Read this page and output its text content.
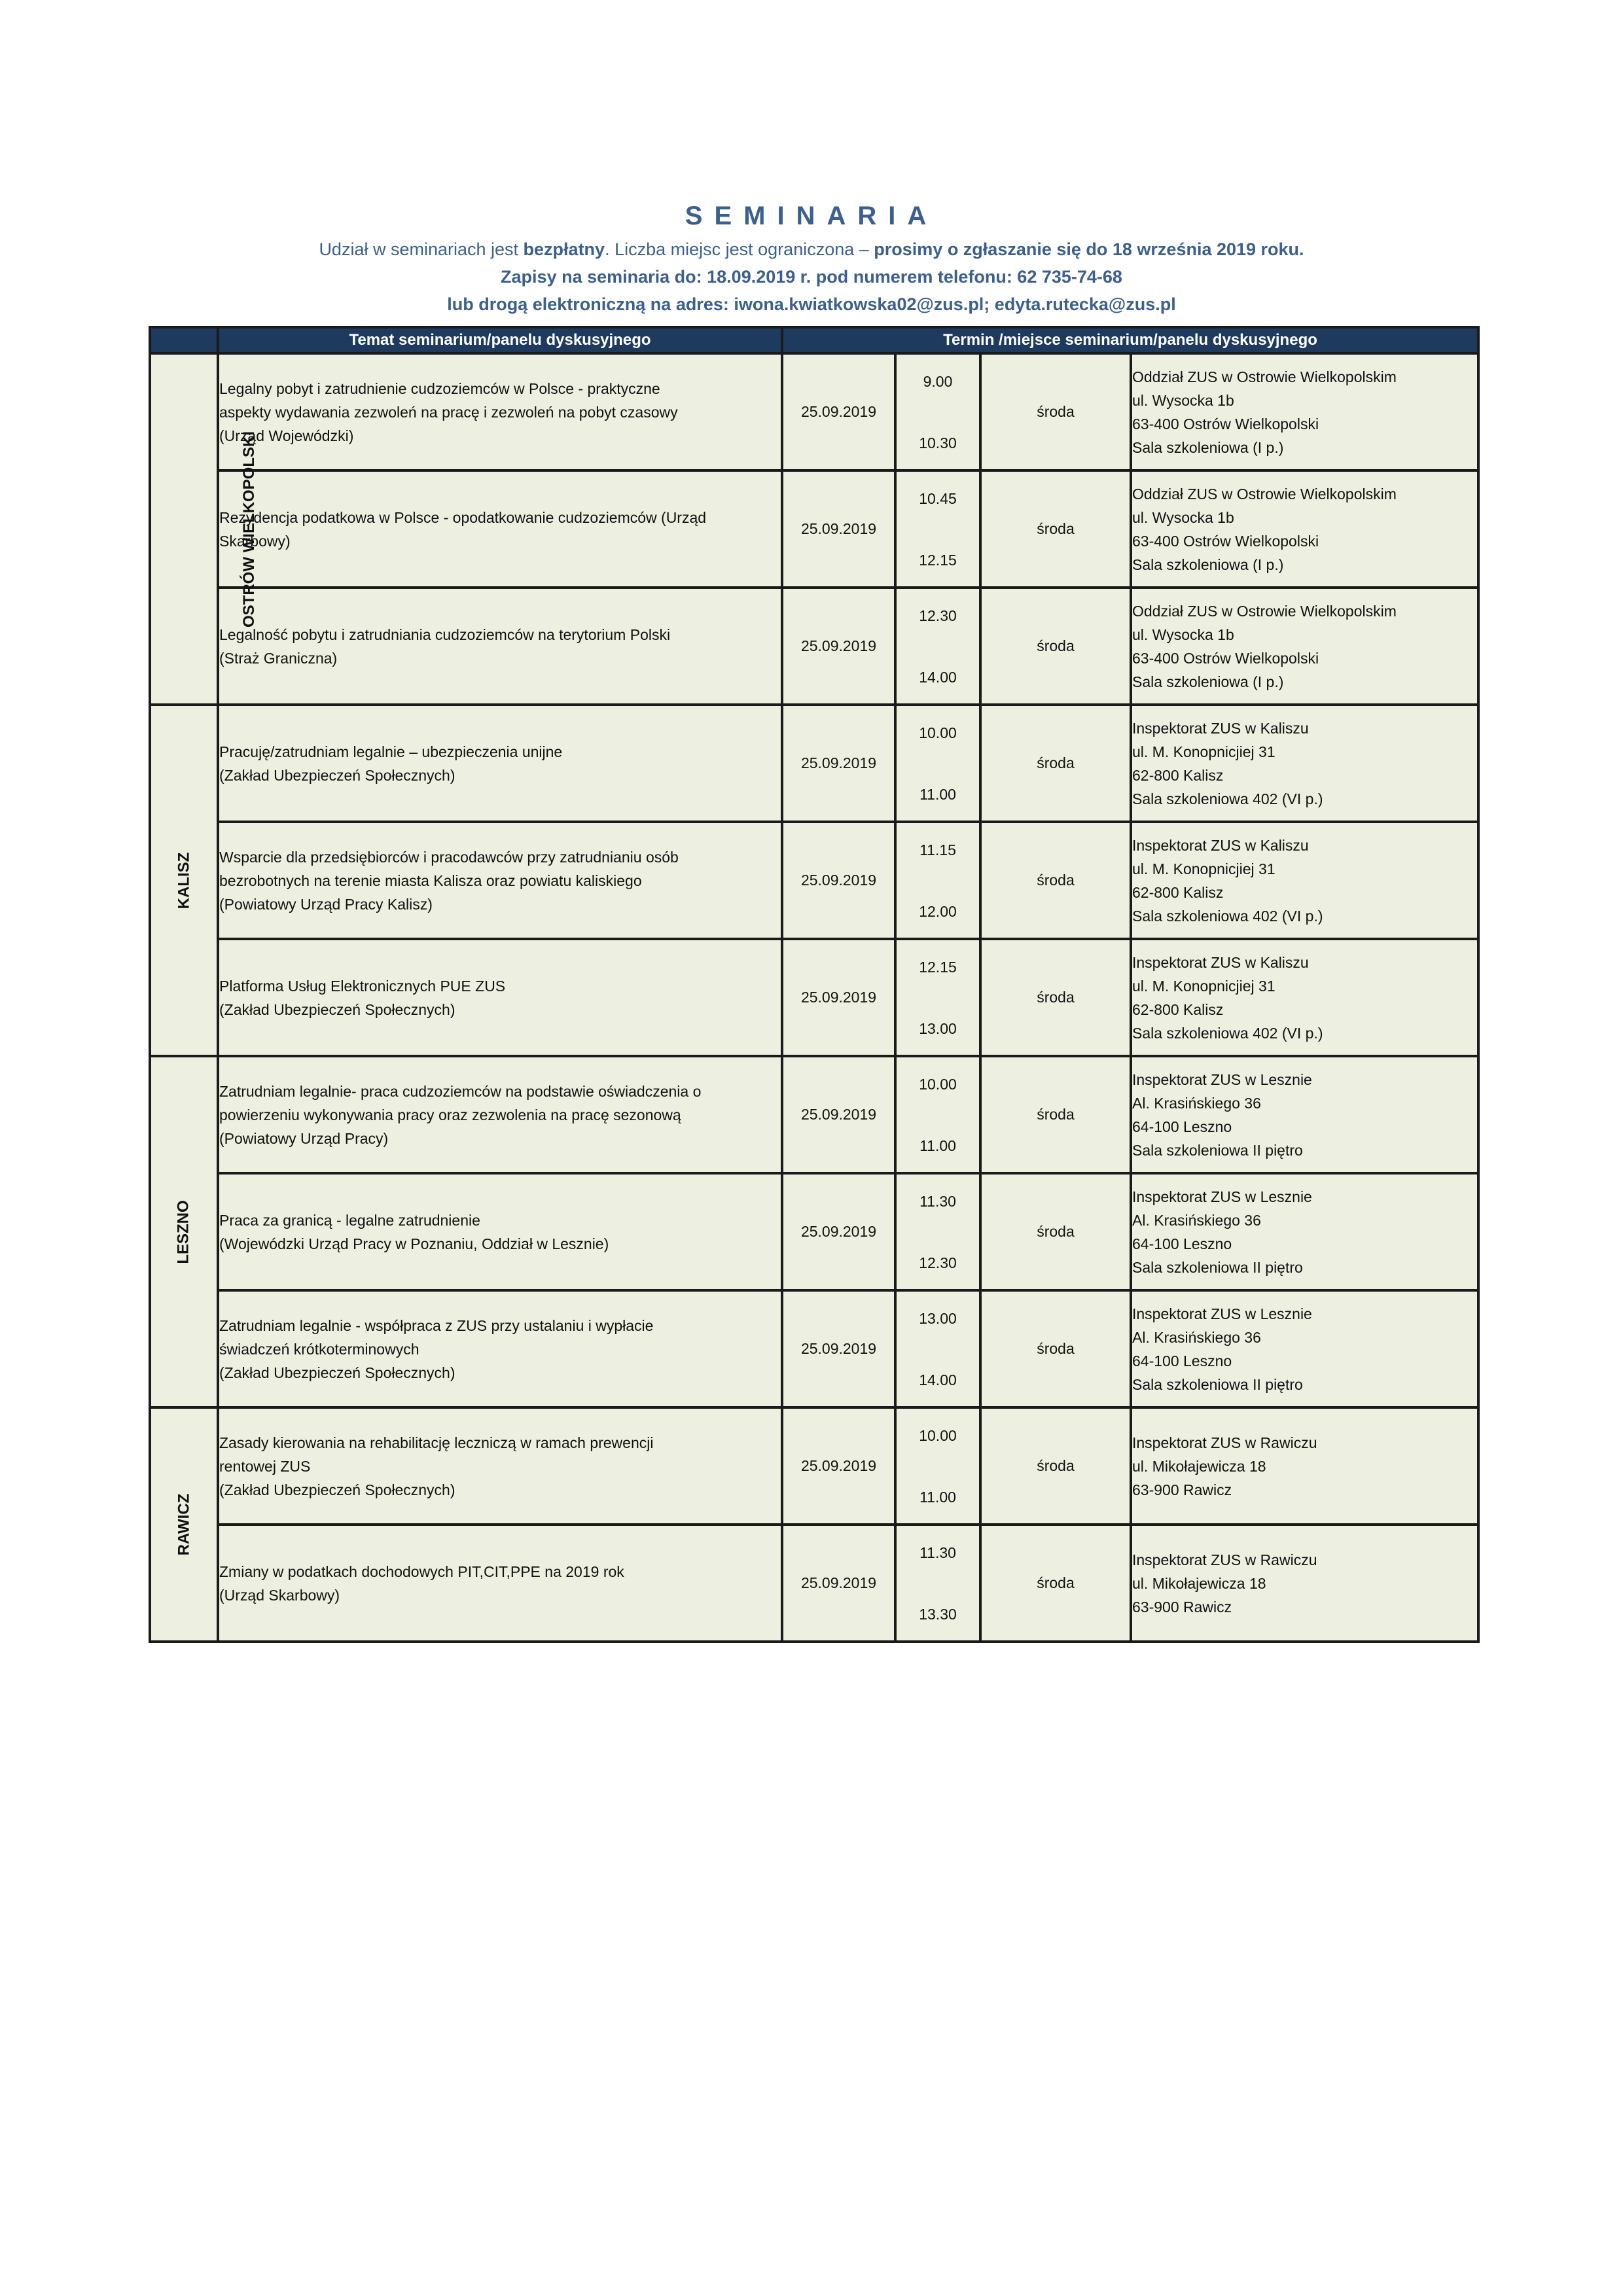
SEMINARIA
Udział w seminariach jest bezpłatny. Liczba miejsc jest ograniczona – prosimy o zgłaszanie się do 18 września 2019 roku.
Zapisy na seminaria do: 18.09.2019 r. pod numerem telefonu: 62 735-74-68
lub drogą elektroniczną na adres: iwona.kwiatkowska02@zus.pl; edyta.rutecka@zus.pl
	Temat seminarium/panelu dyskusyjnego	Termin /miejsce seminarium/panelu dyskusyjnego			
OSTRÓW WIELKOPOLSKI	Legalny pobyt i zatrudnienie cudzoziemców w Polsce - praktyczne
aspekty wydawania zezwoleń na pracę i zezwoleń na pobyt czasowy
(Urząd Wojewódzki)	25.09.2019	9.00
10.30	środa	Oddział ZUS w Ostrowie Wielkopolskim
ul. Wysocka 1b
63-400 Ostrów Wielkopolski
Sala szkoleniowa (I p.)
	Rezydencja podatkowa w Polsce - opodatkowanie cudzoziemców (Urząd
Skarbowy)	25.09.2019	10.45
12.15	środa	Oddział ZUS w Ostrowie Wielkopolskim
ul. Wysocka 1b
63-400 Ostrów Wielkopolski
Sala szkoleniowa (I p.)
	Legalność pobytu i zatrudniania cudzoziemców na terytorium Polski
(Straż Graniczna)	25.09.2019	12.30
14.00	środa	Oddział ZUS w Ostrowie Wielkopolskim
ul. Wysocka 1b
63-400 Ostrów Wielkopolski
Sala szkoleniowa (I p.)
KALISZ	Pracuję/zatrudniam legalnie – ubezpieczenia unijne
(Zakład Ubezpieczeń Społecznych)	25.09.2019	10.00
11.00	środa	Inspektorat ZUS w Kaliszu
ul. M. Konopnicjiej 31
62-800 Kalisz
Sala szkoleniowa 402 (VI p.)
	Wsparcie dla przedsiębiorców i pracodawców przy zatrudnianiu osób
bezrobotnych na terenie miasta Kalisza oraz powiatu kaliskiego
(Powiatowy Urząd Pracy Kalisz)	25.09.2019	11.15
12.00	środa	Inspektorat ZUS w Kaliszu
ul. M. Konopnicjiej 31
62-800 Kalisz
Sala szkoleniowa 402 (VI p.)
	Platforma Usług Elektronicznych PUE ZUS
(Zakład Ubezpieczeń Społecznych)	25.09.2019	12.15
13.00	środa	Inspektorat ZUS w Kaliszu
ul. M. Konopnicjiej 31
62-800 Kalisz
Sala szkoleniowa 402 (VI p.)
LESZNO	Zatrudniam legalnie- praca cudzoziemców na podstawie oświadczenia o
powierzeniu wykonywania pracy oraz zezwolenia na pracę sezonową
(Powiatowy Urząd Pracy)	25.09.2019	10.00
11.00	środa	Inspektorat ZUS w Lesznie
Al. Krasińskiego 36
64-100 Leszno
Sala szkoleniowa II piętro
	Praca za granicą - legalne zatrudnienie
(Wojewódzki Urząd Pracy w Poznaniu, Oddział w Lesznie)	25.09.2019	11.30
12.30	środa	Inspektorat ZUS w Lesznie
Al. Krasińskiego 36
64-100 Leszno
Sala szkoleniowa II piętro
	Zatrudniam legalnie - współpraca z ZUS przy ustalaniu i wypłacie
świadczeń krótkoterminowych
(Zakład Ubezpieczeń Społecznych)	25.09.2019	13.00
14.00	środa	Inspektorat ZUS w Lesznie
Al. Krasińskiego 36
64-100 Leszno
Sala szkoleniowa II piętro
RAWICZ	Zasady kierowania na rehabilitację leczniczą w ramach prewencji
rentowej ZUS
(Zakład Ubezpieczeń Społecznych)	25.09.2019	10.00
11.00	środa	Inspektorat ZUS w Rawiczu
ul. Mikołajewicza 18
63-900 Rawicz
	Zmiany w podatkach dochodowych PIT,CIT,PPE na 2019 rok
(Urząd Skarbowy)	25.09.2019	11.30
13.30	środa	Inspektorat ZUS w Rawiczu
ul. Mikołajewicza 18
63-900 Rawicz
